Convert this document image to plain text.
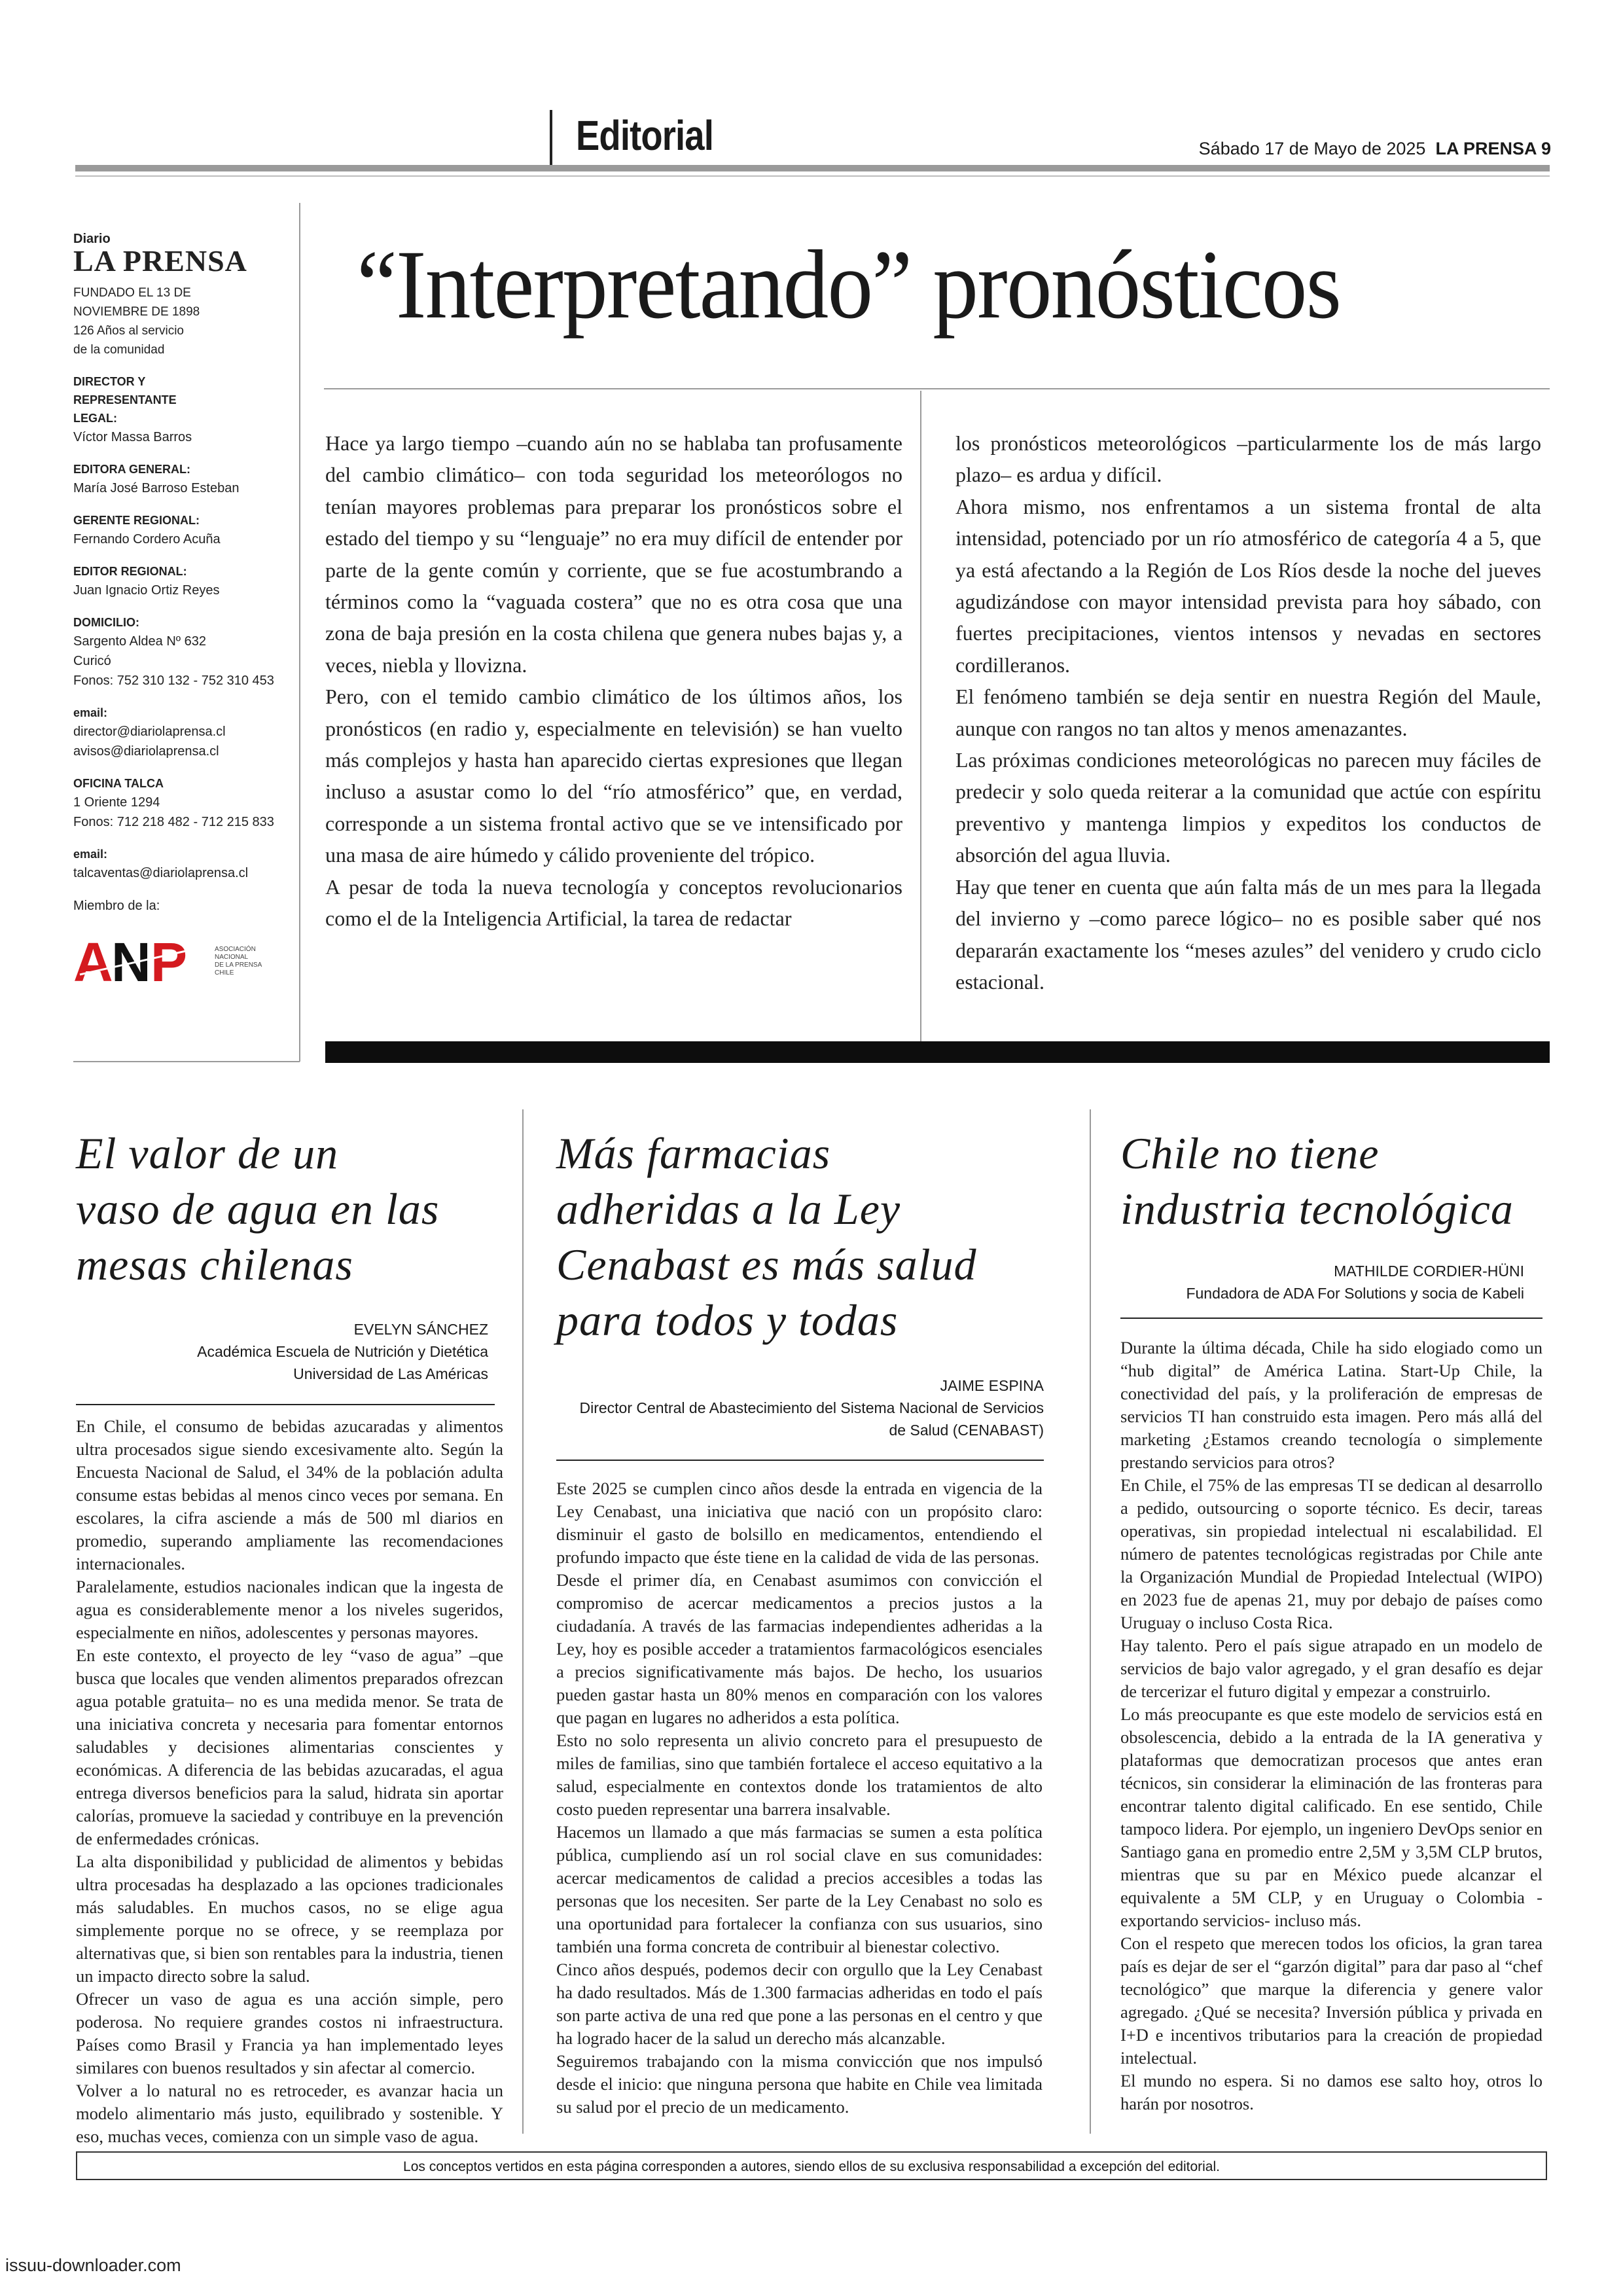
Editorial	Sábado 17 de Mayo de 2025 LA PRENSA 9
Diario
LA PRENSA
FUNDADO EL 13 DE
NOVIEMBRE DE 1898
126 Años al servicio
de la comunidad
DIRECTOR Y REPRESENTANTE LEGAL:
Víctor Massa Barros
EDITORA GENERAL:
María José Barroso Esteban
GERENTE REGIONAL:
Fernando Cordero Acuña
EDITOR REGIONAL:
Juan Ignacio Ortiz Reyes
DOMICILIO:
Sargento Aldea Nº 632
Curicó
Fonos: 752 310 132 - 752 310 453
email:
director@diariolaprensa.cl
avisos@diariolaprensa.cl
OFICINA TALCA
1 Oriente 1294
Fonos: 712 218 482 - 712 215 833
email:
talcaventas@diariolaprensa.cl
Miembro de la:
A
N P	ASOCIACIÓN
NACIONAL
DE LA PRENSA
CHILE
“Interpretando” pronósticos

Hace ya largo tiempo –cuando aún no se hablaba tan profusamente del cambio climático– con toda seguridad los meteorólogos no tenían mayores problemas para preparar los pronósticos sobre el estado del tiempo y su “lenguaje” no era muy difícil de entender por parte de la gente común y corriente, que se fue acostumbrando a términos como la “vaguada costera” que no es otra cosa que una zona de baja presión en la costa chilena que genera nubes bajas y, a veces, niebla y lloviznа.

Pero, con el temido cambio climático de los últimos años, los pronósticos (en radio y, especialmente en televisión) se han vuelto más complejos y hasta han aparecido ciertas expresiones que llegan incluso a asustar como lo del “río atmosférico” que, en verdad, corresponde a un sistema frontal activo que se ve intensificado por una masa de aire húmedo y cálido proveniente del trópico.

A pesar de toda la nueva tecnología y conceptos revolucionarios como el de la Inteligencia Artificial, la tarea de redactar

los pronósticos meteorológicos –particularmente los de más largo plazo– es ardua y difícil.

Ahora mismo, nos enfrentamos a un sistema frontal de alta intensidad, potenciado por un río atmosférico de categoría 4 a 5, que ya está afectando a la Región de Los Ríos desde la noche del jueves agudizándose con mayor intensidad prevista para hoy sábado, con fuertes precipitaciones, vientos intensos y nevadas en sectores cordilleranos.

El fenómeno también se deja sentir en nuestra Región del Maule, aunque con rangos no tan altos y menos amenazantes.

Las próximas condiciones meteorológicas no parecen muy fáciles de predecir y solo queda reiterar a la comunidad que actúe con espíritu preventivo y mantenga limpios y expeditos los conductos de absorción del agua lluvia.

Hay que tener en cuenta que aún falta más de un mes para la llegada del invierno y –como parece lógico– no es posible saber qué nos depararán exactamente los “meses azules” del venidero y crudo ciclo estacional.

El valor de un
vaso de agua en las
mesas chilenas
EVELYN SÁNCHEZ
Académica Escuela de Nutrición y Dietética
Universidad de Las Américas

En Chile, el consumo de bebidas azucaradas y alimentos ultra procesados sigue siendo excesivamente alto. Según la Encuesta Nacional de Salud, el 34% de la población adulta consume estas bebidas al menos cinco veces por semana. En escolares, la cifra asciende a más de 500 ml diarios en promedio, superando ampliamente las recomendaciones internacionales.

Paralelamente, estudios nacionales indican que la ingesta de agua es considerablemente menor a los niveles sugeridos, especialmente en niños, adolescentes y personas mayores.

En este contexto, el proyecto de ley “vaso de agua” –que busca que locales que venden alimentos preparados ofrezcan agua potable gratuita– no es una medida menor. Se trata de una iniciativa concreta y necesaria para fomentar entornos saludables y decisiones alimentarias conscientes y económicas. A diferencia de las bebidas azucaradas, el agua entrega diversos beneficios para la salud, hidrata sin aportar calorías, promueve la saciedad y contribuye en la prevención de enfermedades crónicas.

La alta disponibilidad y publicidad de alimentos y bebidas ultra procesadas ha desplazado a las opciones tradicionales más saludables. En muchos casos, no se elige agua simplemente porque no se ofrece, y se reemplaza por alternativas que, si bien son rentables para la industria, tienen un impacto directo sobre la salud.

Ofrecer un vaso de agua es una acción simple, pero poderosa. No requiere grandes costos ni infraestructura. Países como Brasil y Francia ya han implementado leyes similares con buenos resultados y sin afectar al comercio.

Volver a lo natural no es retroceder, es avanzar hacia un modelo alimentario más justo, equilibrado y sostenible. Y eso, muchas veces, comienza con un simple vaso de agua.

Más farmacias
adheridas a la Ley
Cenabast es más salud
para todos y todas
JAIME ESPINA
Director Central de Abastecimiento del Sistema Nacional de Servicios
de Salud (CENABAST)

Este 2025 se cumplen cinco años desde la entrada en vigencia de la Ley Cenabast, una iniciativa que nació con un propósito claro: disminuir el gasto de bolsillo en medicamentos, entendiendo el profundo impacto que éste tiene en la calidad de vida de las personas.

Desde el primer día, en Cenabast asumimos con convicción el compromiso de acercar medicamentos a precios justos a la ciudadanía. A través de las farmacias independientes adheridas a la Ley, hoy es posible acceder a tratamientos farmacológicos esenciales a precios significativamente más bajos. De hecho, los usuarios pueden gastar hasta un 80% menos en comparación con los valores que pagan en lugares no adheridos a esta política.

Esto no solo representa un alivio concreto para el presupuesto de miles de familias, sino que también fortalece el acceso equitativo a la salud, especialmente en contextos donde los tratamientos de alto costo pueden representar una barrera insalvable.

Hacemos un llamado a que más farmacias se sumen a esta política pública, cumpliendo así un rol social clave en sus comunidades: acercar medicamentos de calidad a precios accesibles a todas las personas que los necesiten. Ser parte de la Ley Cenabast no solo es una oportunidad para fortalecer la confianza con sus usuarios, sino también una forma concreta de contribuir al bienestar colectivo.

Cinco años después, podemos decir con orgullo que la Ley Cenabast ha dado resultados. Más de 1.300 farmacias adheridas en todo el país son parte activa de una red que pone a las personas en el centro y que ha logrado hacer de la salud un derecho más alcanzable.

Seguiremos trabajando con la misma convicción que nos impulsó desde el inicio: que ninguna persona que habite en Chile vea limitada su salud por el precio de un medicamento.

Chile no tiene
industria tecnológica
MATHILDE CORDIER-HÜNI
Fundadora de ADA For Solutions y socia de Kabeli

Durante la última década, Chile ha sido elogiado como un “hub digital” de América Latina. Start-Up Chile, la conectividad del país, y la proliferación de empresas de servicios TI han construido esta imagen. Pero más allá del marketing ¿Estamos creando tecnología o simplemente prestando servicios para otros?

En Chile, el 75% de las empresas TI se dedican al desarrollo a pedido, outsourcing o soporte técnico. Es decir, tareas operativas, sin propiedad intelectual ni escalabilidad. El número de patentes tecnológicas registradas por Chile ante la Organización Mundial de Propiedad Intelectual (WIPO) en 2023 fue de apenas 21, muy por debajo de países como Uruguay o incluso Costa Rica.

Hay talento. Pero el país sigue atrapado en un modelo de servicios de bajo valor agregado, y el gran desafío es dejar de tercerizar el futuro digital y empezar a construirlo.

Lo más preocupante es que este modelo de servicios está en obsolescencia, debido a la entrada de la IA generativa y plataformas que democratizan procesos que antes eran técnicos, sin considerar la eliminación de las fronteras para encontrar talento digital calificado. En ese sentido, Chile tampoco lidera. Por ejemplo, un ingeniero DevOps senior en Santiago gana en promedio entre 2,5M y 3,5M CLP brutos, mientras que su par en México puede alcanzar el equivalente a 5M CLP, y en Uruguay o Colombia -exportando servicios- incluso más.

Con el respeto que merecen todos los oficios, la gran tarea país es dejar de ser el “garzón digital” para dar paso al “chef tecnológico” que marque la diferencia y genere valor agregado. ¿Qué se necesita? Inversión pública y privada en I+D e incentivos tributarios para la creación de propiedad intelectual.

El mundo no espera. Si no damos ese salto hoy, otros lo harán por nosotros.

Los conceptos vertidos en esta página corresponden a autores, siendo ellos de su exclusiva responsabilidad a excepción del editorial.
issuu-downloader.com
